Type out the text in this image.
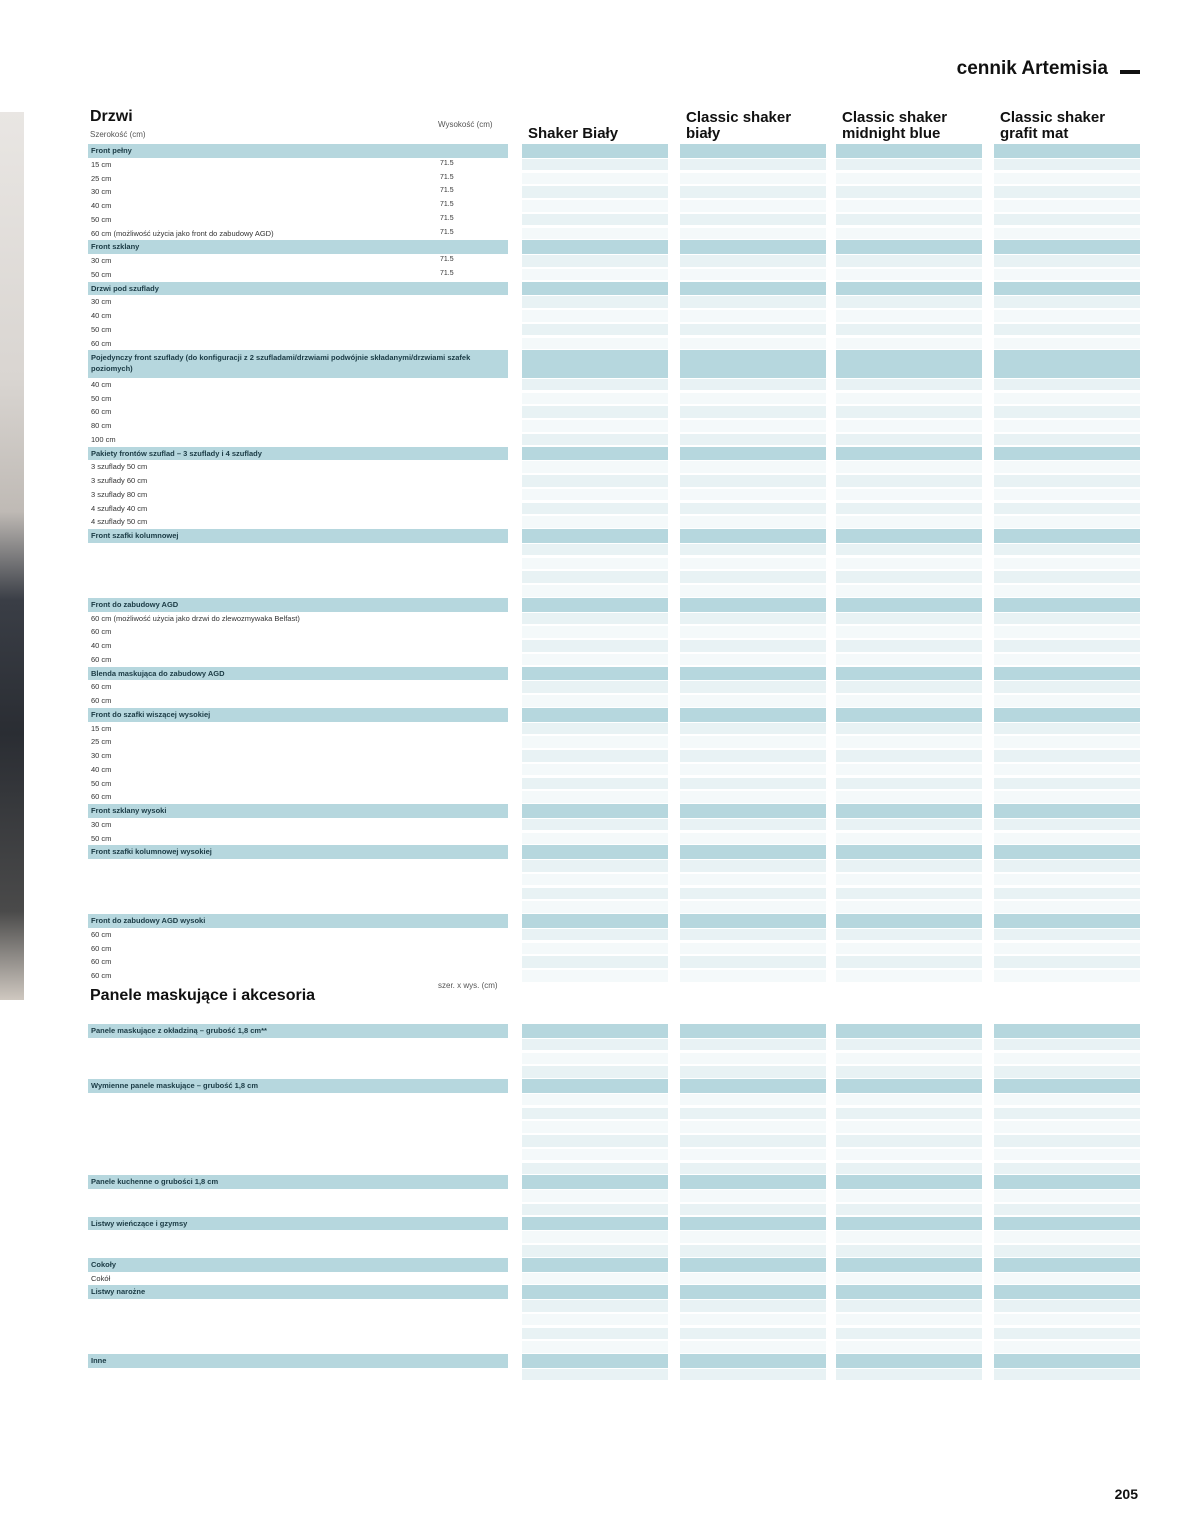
cennik Artemisia
Drzwi
Szerokość (cm)
Wysokość (cm)
Shaker Biały
Classic shaker biały
Classic shaker midnight blue
Classic shaker grafit mat
Panele maskujące i akcesoria
szer. x wys. (cm)
Front pełny
15 cm	71.5
25 cm	71.5
30 cm	71.5
40 cm	71.5
50 cm	71.5
60 cm (możliwość użycia jako front do zabudowy AGD)	71.5
Front szklany
30 cm	71.5
50 cm	71.5
Drzwi pod szuflady
30 cm
40 cm
50 cm
60 cm
Pojedynczy front szuflady (do konfiguracji z 2 szufladami/drzwiami podwójnie składanymi/drzwiami szafek poziomych)
40 cm
50 cm
60 cm
80 cm
100 cm
Pakiety frontów szuflad – 3 szuflady i 4 szuflady
3 szuflady 50 cm
3 szuflady 60 cm
3 szuflady 80 cm
4 szuflady 40 cm
4 szuflady 50 cm
Front szafki kolumnowej
Front do zabudowy AGD
60 cm (możliwość użycia jako drzwi do zlewozmywaka Belfast)
60 cm
40 cm
60 cm
Blenda maskująca do zabudowy AGD
60 cm
60 cm
Front do szafki wiszącej wysokiej
15 cm
25 cm
30 cm
40 cm
50 cm
60 cm
Front szklany wysoki
30 cm
50 cm
Front szafki kolumnowej wysokiej
Front do zabudowy AGD wysoki
60 cm
60 cm
60 cm
60 cm
Panele maskujące z okładziną – grubość 1,8 cm**
Wymienne panele maskujące – grubość 1,8 cm
Panele kuchenne o grubości 1,8 cm
Listwy wieńczące i gzymsy
Cokoły
Cokół
Listwy narożne
Inne
205
